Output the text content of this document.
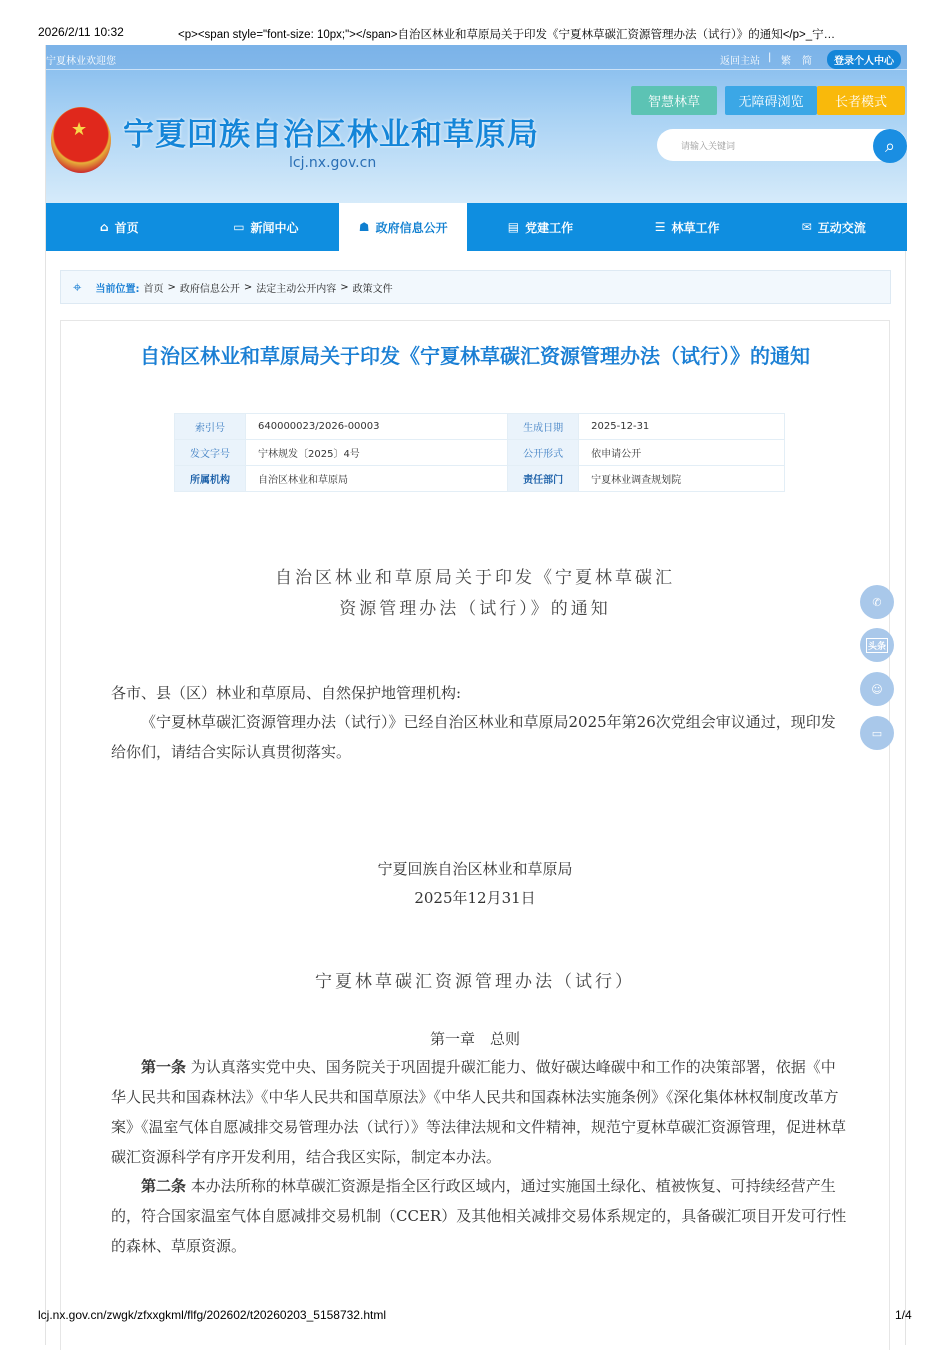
2026/2/11 10:32	<p><span style="font-size: 10px;"></span>自治区林业和草原局关于印发《宁夏林草碳汇资源管理办法（试行）》的通知</p>_宁…
宁夏林业欢迎您	返回主站 | 繁 简	登录个人中心
★ 宁夏回族自治区林业和草原局
lcj.nx.gov.cn
智慧林草	无障碍浏览	长者模式
请输入关键词	⌕
⌂ 首页	▭ 新闻中心	☗ 政府信息公开	▤ 党建工作	☰ 林草工作	✉ 互动交流
⌖ 当前位置: 首页 > 政府信息公开 > 法定主动公开内容 > 政策文件
自治区林业和草原局关于印发《宁夏林草碳汇资源管理办法（试行）》的通知
索引号	640000023/2026-00003	生成日期	2025-12-31
发文字号	宁林规发〔2025〕4号	公开形式	依申请公开
所属机构	自治区林业和草原局	责任部门	宁夏林业调查规划院
自治区林业和草原局关于印发《宁夏林草碳汇
资源管理办法（试行）》的通知
各市、县（区）林业和草原局、自然保护地管理机构:
《宁夏林草碳汇资源管理办法（试行）》已经自治区林业和草原局2025年第26次党组会审议通过，现印发给你们，请结合实际认真贯彻落实。
宁夏回族自治区林业和草原局
2025年12月31日
宁夏林草碳汇资源管理办法（试行）
第一章　总则
第一条 为认真落实党中央、国务院关于巩固提升碳汇能力、做好碳达峰碳中和工作的决策部署，依据《中华人民共和国森林法》《中华人民共和国草原法》《中华人民共和国森林法实施条例》《深化集体林权制度改革方案》《温室气体自愿减排交易管理办法（试行）》等法律法规和文件精神，规范宁夏林草碳汇资源管理，促进林草碳汇资源科学有序开发利用，结合我区实际，制定本办法。
第二条 本办法所称的林草碳汇资源是指全区行政区域内，通过实施国土绿化、植被恢复、可持续经营产生的，符合国家温室气体自愿减排交易机制（CCER）及其他相关减排交易体系规定的，具备碳汇项目开发可行性的森林、草原资源。
✆
头条
☺
▭
lcj.nx.gov.cn/zwgk/zfxxgkml/flfg/202602/t20260203_5158732.html	1/4
